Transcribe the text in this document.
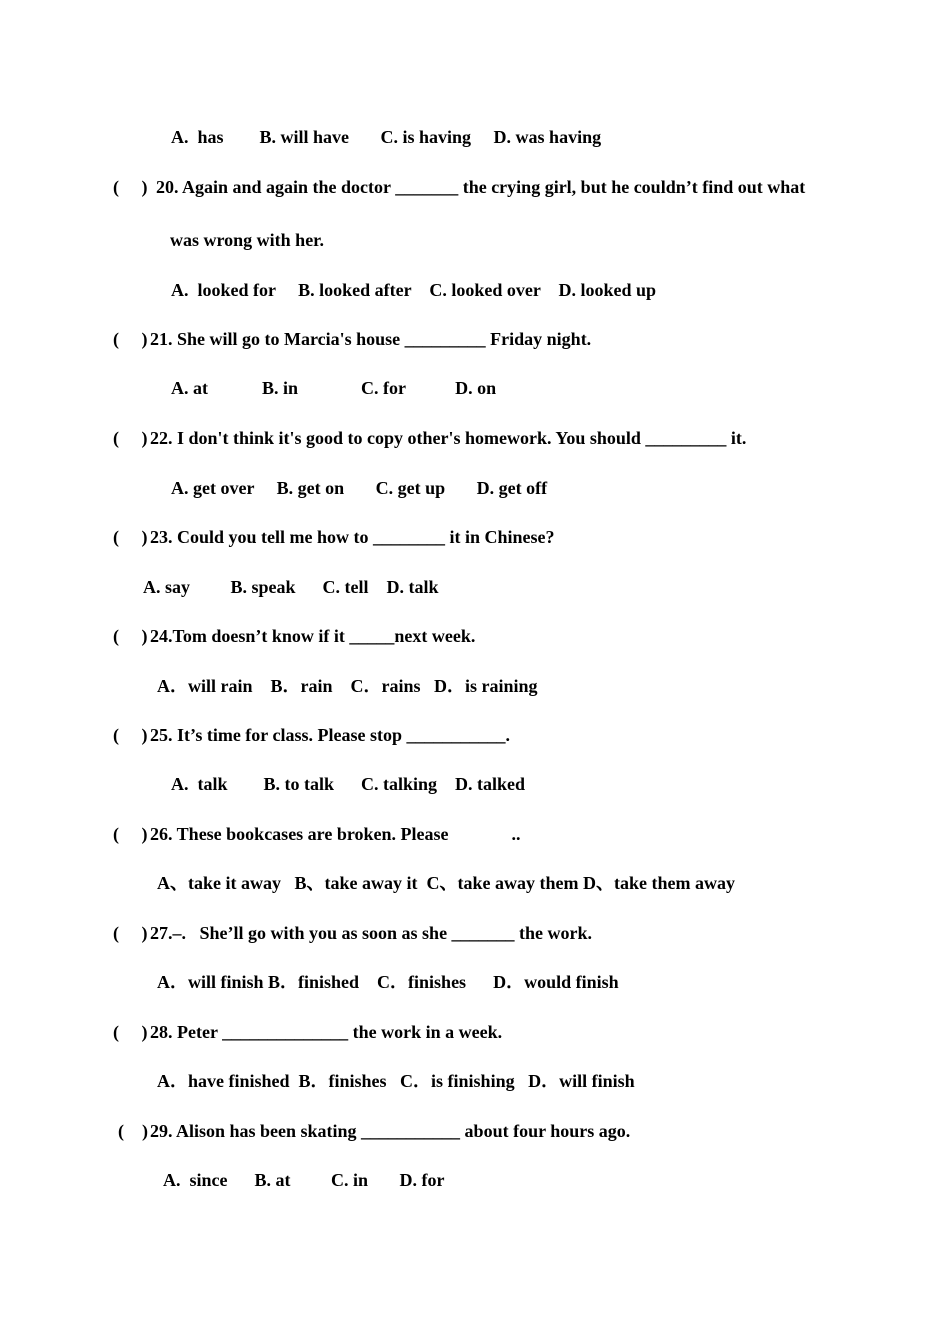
A.  has        B. will have       C. is having     D. was having
(     ) 20. Again and again the doctor _______ the crying girl, but he couldn’t find out what
was wrong with her.
A.  looked for     B. looked after    C. looked over    D. looked up
(     ) 21. She will go to Marcia's house _________ Friday night.
A. at            B. in              C. for           D. on
(     ) 22. I don't think it's good to copy other's homework. You should _________ it.
A. get over     B. get on       C. get up       D. get off
(     ) 23. Could you tell me how to ________ it in Chinese?
A. say         B. speak      C. tell    D. talk
(     ) 24.Tom doesn’t know if it _____next week.
A．will rain    B．rain    C．rains   D．is raining
(     ) 25. It’s time for class. Please stop ___________.
A.  talk        B. to talk      C. talking    D. talked
(     ) 26. These bookcases are broken. Please              ..
A、take it away   B、take away it  C、take away them D、take them away
(     ) 27.–.   She’ll go with you as soon as she _______ the work.
A．will finish B．finished    C．finishes      D．would finish
(     ) 28. Peter ______________ the work in a week.
A．have finished  B．finishes   C．is finishing   D．will finish
(    ) 29. Alison has been skating ___________ about four hours ago.
A.  since      B. at         C. in       D. for
